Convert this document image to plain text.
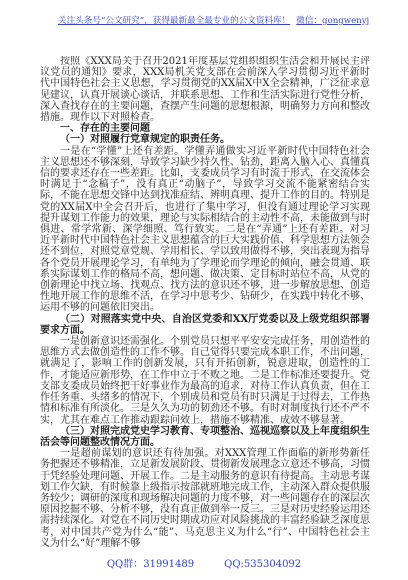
关注头条号“公文研究”，获得最新最全最专业的公文资料库！ 微信：gongwenyj

按照《XXX局关于召开2021年度基层党组织组织生活会和开展民主评议党员的通知》要求，XXX局机关党支部在会前深入学习贯彻习近平新时代中国特色社会主义思想，学习贯彻党的XX届X中X全会精神，广泛征求意见建议，认真开展谈心谈话，并联系思想、工作和生活实际进行党性分析，深入查找存在的主要问题，查摆产生问题的思想根源，明确努力方向和整改措施。现作以下对照检查。

一、存在的主要问题

（一）对照履行党章规定的职责任务。

一是在“学懂”上还有差距。学懂弄通做实习近平新时代中国特色社会主义思想还不够深刻，导致学习缺少持久性、钻劲，距离入脑入心、真懂真信的要求还存在一些差距。比如，支委成员学习有时流于形式，在交流体会时满足于“念稿子”，没有真正“动脑子”，导致学习交流不能紧密结合实际，不能在思想交锋中达到找准症结、辨明真理、提升工作的目的。特别是党的XX届X中全会召开后，也进行了集中学习，但没有通过理论学习实现提升谋划工作能力的效果，理论与实际相结合的主动性不高，未能做到与时俱进、常学常新、深学细照、笃行致实。二是在“弄通”上还有差距。对习近平新时代中国特色社会主义思想蕴含的巨大实践价值、科学思想方法领会还不到位，对照党章党规、学用相长、学以致用做得不够，突出表现为指导各个党员开展理论学习，有单纯为了学理论而学理论的倾向，融会贯通、联系实际谋划工作的格局不高，想问题、做决策、定目标时站位不高，从党的创新理论中找立场、找观点、找方法的意识还不够，进一步解放思想、创造性地开展工作的思维不活，在学习中思考少、钻研少，在实践中转化不够、运用不够的问题依旧突出。

（二）对照落实党中央、自治区党委和XX厅党委以及上级党组织部署要求方面。

一是创新意识还需强化。个别党员只想平平安安完成任务，用创造性的思维方式去做创造性的工作不够。自己觉得只要完成本职工作，不出问题，就满足了，影响工作的创新发展，只有开拓创新，锐意进取，创造性的工作，才能适应新形势，在工作中立于不败之地。二是工作标准还要提升。党支部支委成员始终把干好事业作为最高的追求，对待工作认真负责，但在工作任务重、头绪多的情况下，个别成员和党员有时只满足于过得去，工作热情和标准有所淡化。三是久久为功的韧劲还不够。有时对制度执行还不严不实，尤其在难点工作推动跟踪问效上，措施不够精准、成效不够显著。

（三）对照完成党史学习教育、专项整治、巡视巡察以及上年度组织生活会等问题整改情况方面。

一是超前谋划的意识还有待加强。对XXX管理工作面临的新形势新任务把握还不够精准，立足新发展阶段、贯彻新发展理念立意还不够高，习惯于凭经验处理问题、开展工作。二是主动服务的意识有待提高。主动思考谋划工作欠缺，有时候靠上级指示按部就班地完成工作，主动深入群众提供服务较少；调研的深度和现场解决问题的力度不够，对一些问题存在的深层次原因挖掘不够、分析不够，没有真正做到举一反三。三是对历史经验运用还需持续深化。对党在不同历史时期成功应对风险挑战的丰富经验缺乏深度思考，对中国共产党为什么“能”、马克思主义为什么“行”、中国特色社会主义为什么“好”理解不够

QQ群：31991489	QQ:535304092
